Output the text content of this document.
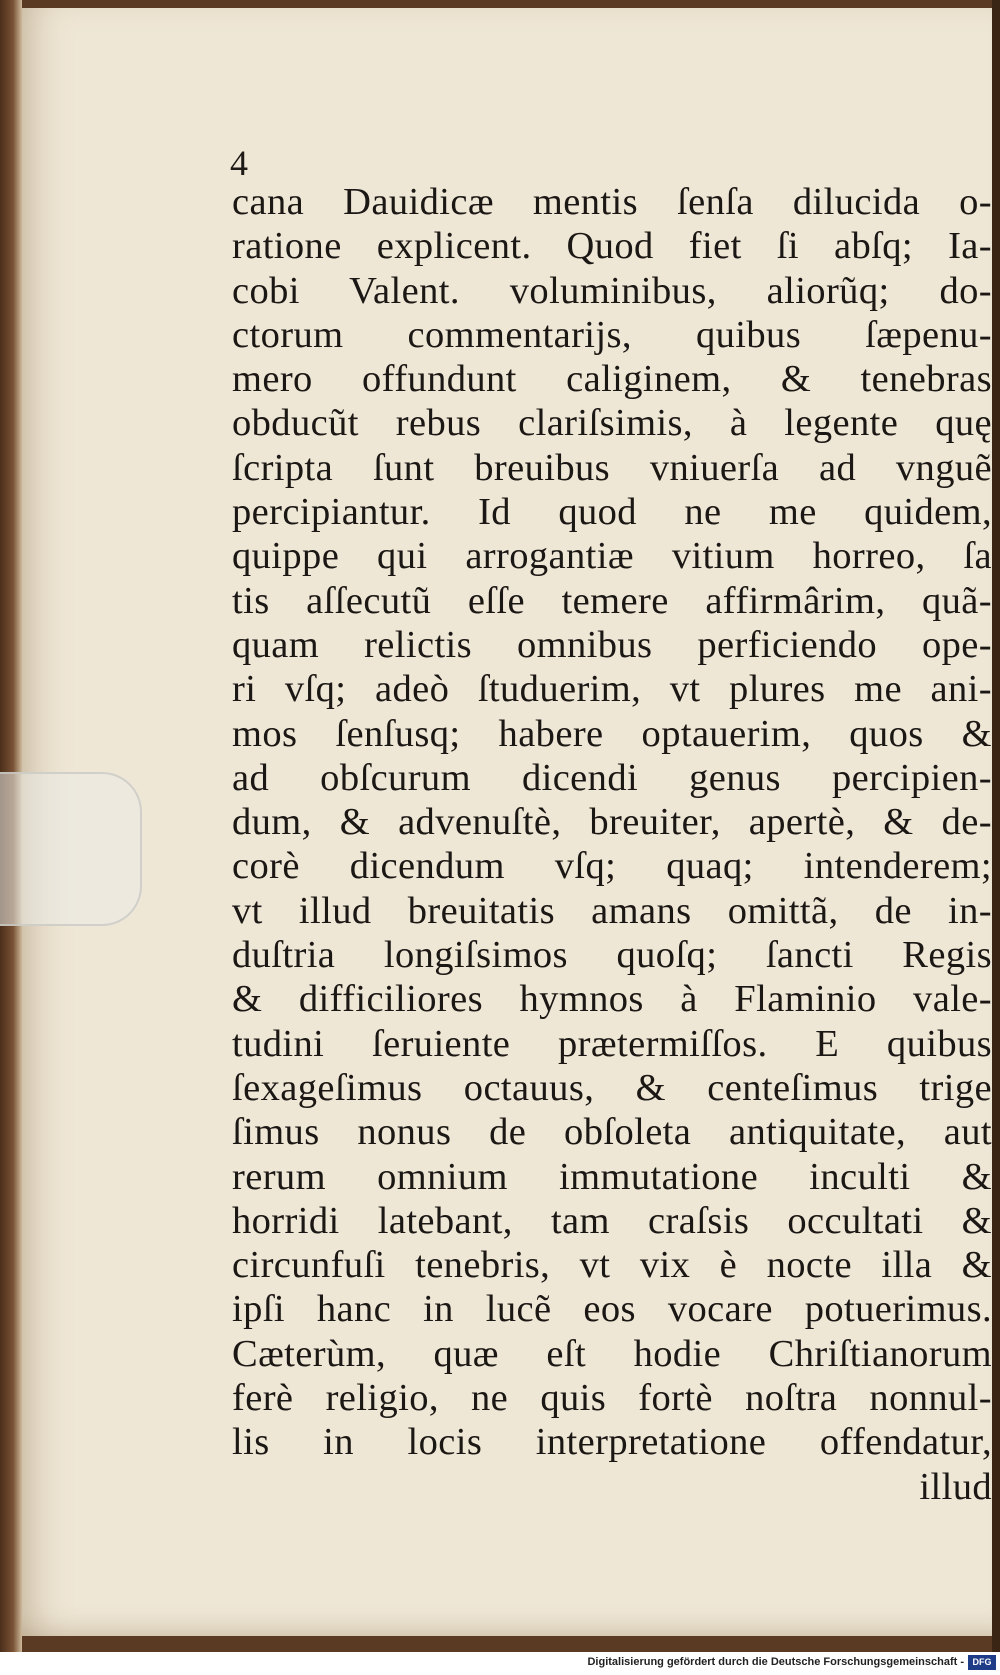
4
cana Dauidicæ mentis ſenſa dilucida o-
ratione explicent. Quod fiet ſi abſq; Ia-
cobi Valent. voluminibus, aliorũq; do-
ctorum commentarijs, quibus ſæpenu-
mero offundunt caliginem, & tenebras
obducũt rebus clariſsimis, à legente quę
ſcripta ſunt breuibus vniuerſa ad vnguẽ
percipiantur. Id quod ne me quidem,
quippe qui arrogantiæ vitium horreo, ſa
tis aſſecutũ eſſe temere affirmârim, quã-
quam relictis omnibus perficiendo ope-
ri vſq; adeò ſtuduerim, vt plures me ani-
mos ſenſusq; habere optauerim, quos &
ad obſcurum dicendi genus percipien-
dum, & advenuſtè, breuiter, apertè, & de-
corè dicendum vſq; quaq; intenderem;
vt illud breuitatis amans omittã, de in-
duſtria longiſsimos quoſq; ſancti Regis
& difficiliores hymnos à Flaminio vale-
tudini ſeruiente prætermiſſos. E quibus
ſexageſimus octauus, & centeſimus trige
ſimus nonus de obſoleta antiquitate, aut
rerum omnium immutatione inculti &
horridi latebant, tam craſsis occultati &
circunfuſi tenebris, vt vix è nocte illa &
ipſi hanc in lucẽ eos vocare potuerimus.
Cæterùm, quæ eſt hodie Chriſtianorum
ferè religio, ne quis fortè noſtra nonnul-
lis in locis interpretatione offendatur,
illud
Digitalisierung gefördert durch die Deutsche Forschungsgemeinschaft - DFG
